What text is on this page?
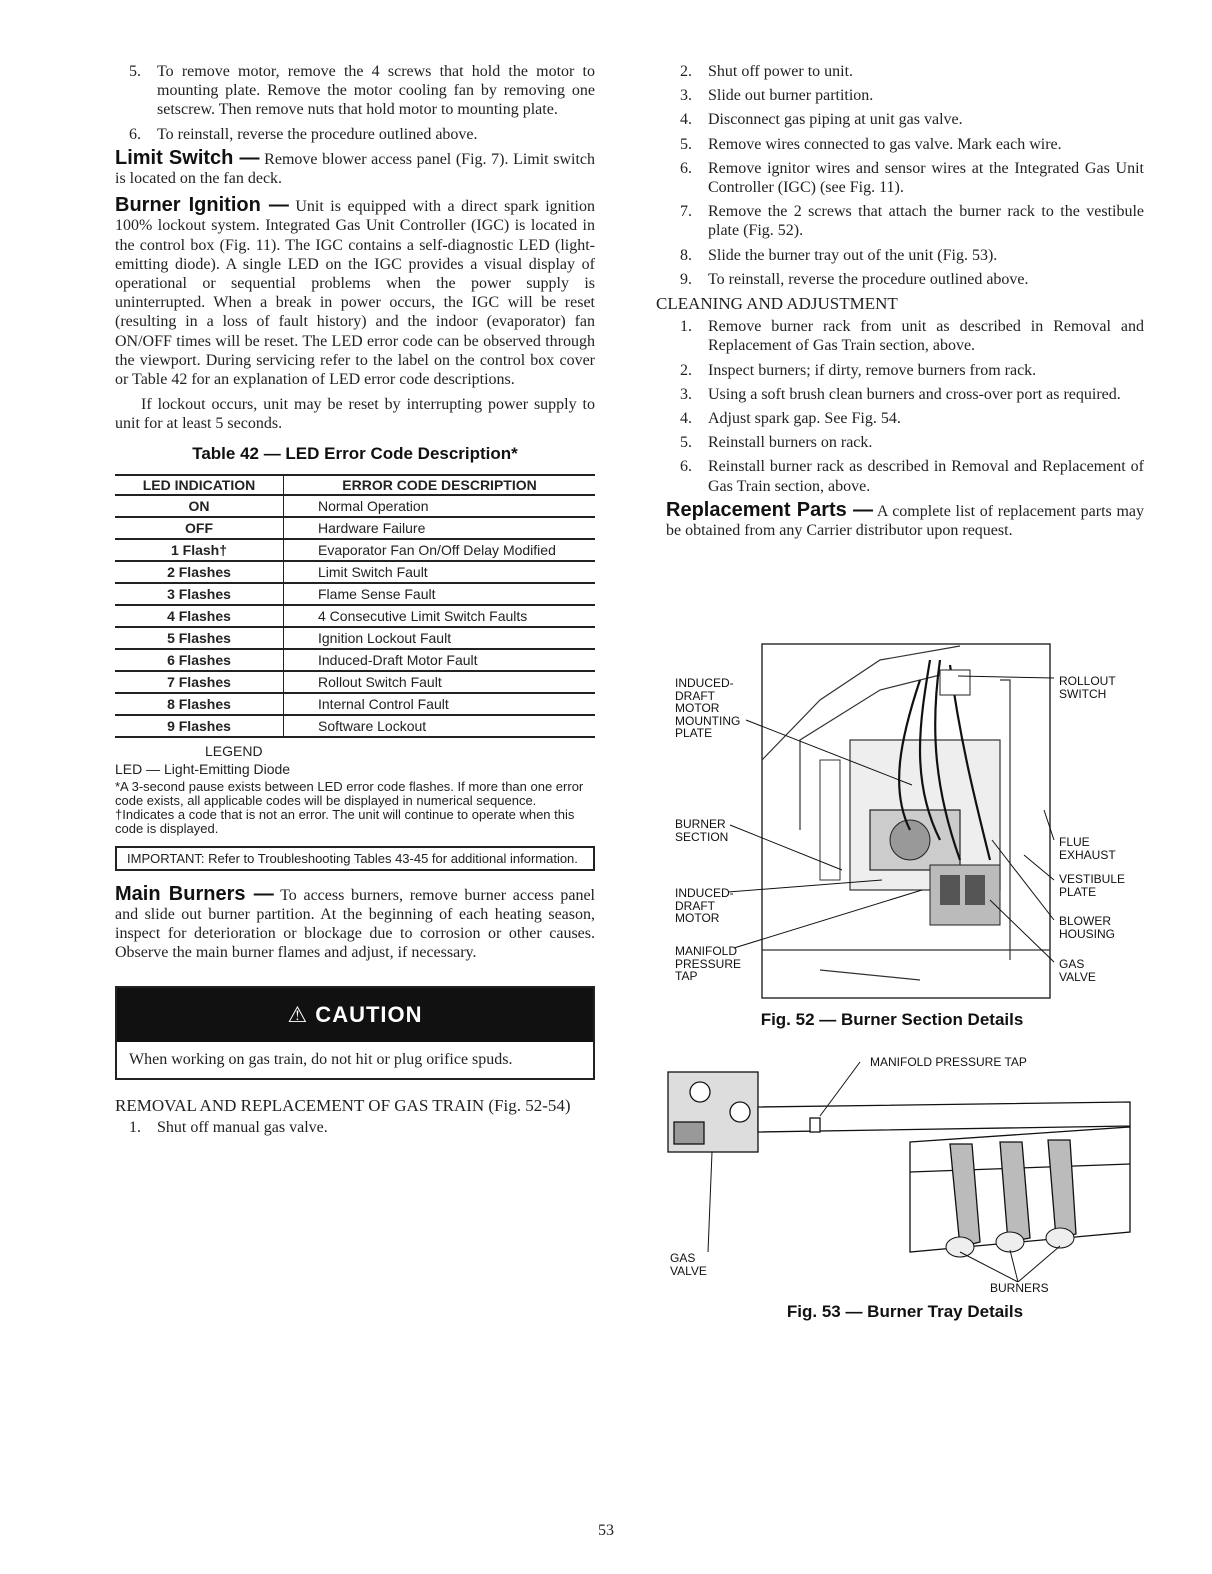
5.	To remove motor, remove the 4 screws that hold the motor to mounting plate. Remove the motor cooling fan by removing one setscrew. Then remove nuts that hold motor to mounting plate.
6.	To reinstall, reverse the procedure outlined above.

Limit Switch — Remove blower access panel (Fig. 7). Limit switch is located on the fan deck.

Burner Ignition — Unit is equipped with a direct spark ignition 100% lockout system. Integrated Gas Unit Controller (IGC) is located in the control box (Fig. 11). The IGC contains a self-diagnostic LED (light-emitting diode). A single LED on the IGC provides a visual display of operational or sequential problems when the power supply is uninterrupted. When a break in power occurs, the IGC will be reset (resulting in a loss of fault history) and the indoor (evaporator) fan ON/OFF times will be reset. The LED error code can be observed through the viewport. During servicing refer to the label on the control box cover or Table 42 for an explanation of LED error code descriptions.

If lockout occurs, unit may be reset by interrupting power supply to unit for at least 5 seconds.

Table 42 — LED Error Code Description*
LED INDICATION	ERROR CODE DESCRIPTION
ON	Normal Operation
OFF	Hardware Failure
1 Flash†	Evaporator Fan On/Off Delay Modified
2 Flashes	Limit Switch Fault
3 Flashes	Flame Sense Fault
4 Flashes	4 Consecutive Limit Switch Faults
5 Flashes	Ignition Lockout Fault
6 Flashes	Induced-Draft Motor Fault
7 Flashes	Rollout Switch Fault
8 Flashes	Internal Control Fault
9 Flashes	Software Lockout
LEGEND
LED — Light-Emitting Diode
*A 3-second pause exists between LED error code flashes. If more than one error code exists, all applicable codes will be displayed in numerical sequence.
†Indicates a code that is not an error. The unit will continue to operate when this code is displayed.
IMPORTANT: Refer to Troubleshooting Tables 43-45 for additional information.

Main Burners — To access burners, remove burner access panel and slide out burner partition. At the beginning of each heating season, inspect for deterioration or blockage due to corrosion or other causes. Observe the main burner flames and adjust, if necessary.

⚠ CAUTION
When working on gas train, do not hit or plug orifice spuds.

REMOVAL AND REPLACEMENT OF GAS TRAIN (Fig. 52-54)

1.	Shut off manual gas valve.
2.	Shut off power to unit.
3.	Slide out burner partition.
4.	Disconnect gas piping at unit gas valve.
5.	Remove wires connected to gas valve. Mark each wire.
6.	Remove ignitor wires and sensor wires at the Integrated Gas Unit Controller (IGC) (see Fig. 11).
7.	Remove the 2 screws that attach the burner rack to the vestibule plate (Fig. 52).
8.	Slide the burner tray out of the unit (Fig. 53).
9.	To reinstall, reverse the procedure outlined above.
CLEANING AND ADJUSTMENT
1.	Remove burner rack from unit as described in Removal and Replacement of Gas Train section, above.
2.	Inspect burners; if dirty, remove burners from rack.
3.	Using a soft brush clean burners and cross-over port as required.
4.	Adjust spark gap. See Fig. 54.
5.	Reinstall burners on rack.
6.	Reinstall burner rack as described in Removal and Replacement of Gas Train section, above.

Replacement Parts — A complete list of replacement parts may be obtained from any Carrier distributor upon request.

INDUCED-
DRAFT
MOTOR
MOUNTING
PLATE
BURNER
SECTION
INDUCED-
DRAFT
MOTOR
MANIFOLD
PRESSURE
TAP
ROLLOUT
SWITCH
FLUE
EXHAUST
VESTIBULE
PLATE
BLOWER
HOUSING
GAS
VALVE
Fig. 52 — Burner Section Details
MANIFOLD PRESSURE TAP
GAS
VALVE
BURNERS
Fig. 53 — Burner Tray Details
53
